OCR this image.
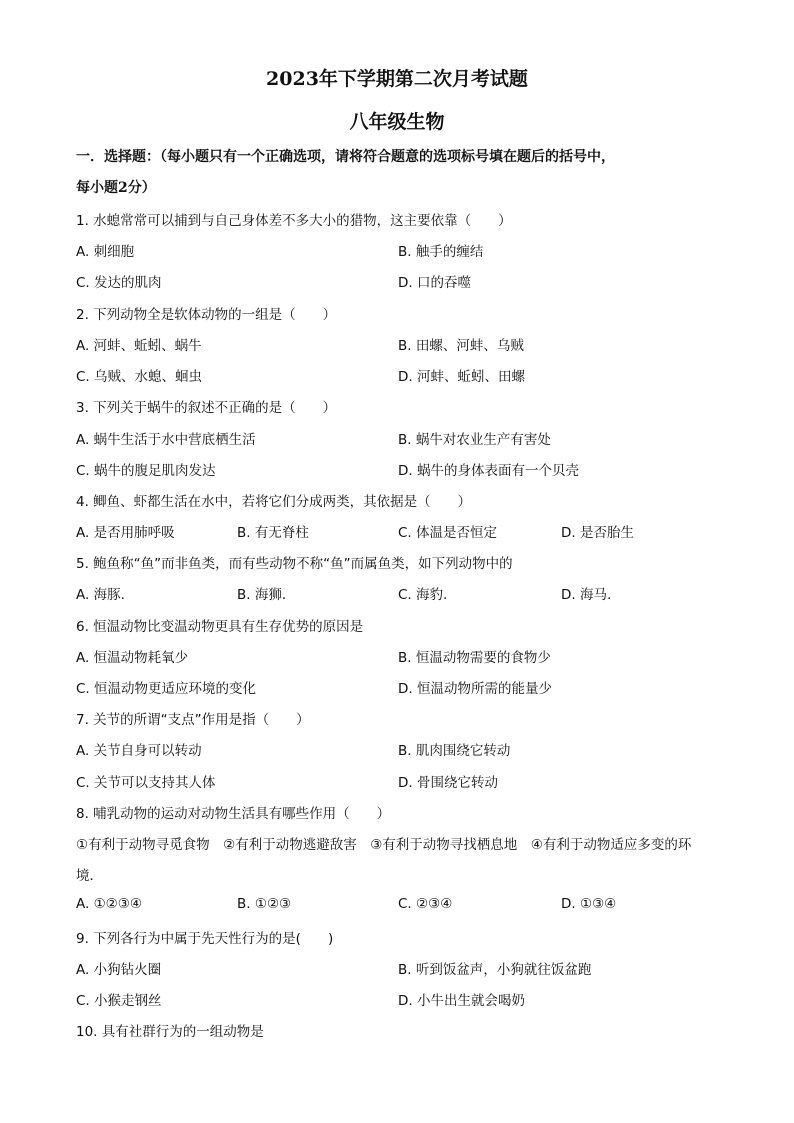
2023年下学期第二次月考试题
八年级生物
一．选择题：（每小题只有一个正确选项，请将符合题意的选项标号填在题后的括号中，
每小题2分）
1. 水螅常常可以捕到与自己身体差不多大小的猎物，这主要依靠（　　）
A. 刺细胞	B. 触手的缠结
C. 发达的肌肉	D. 口的吞噬
2. 下列动物全是软体动物的一组是（　　）
A. 河蚌、蚯蚓、蜗牛	B. 田螺、河蚌、乌贼
C. 乌贼、水螅、蛔虫	D. 河蚌、蚯蚓、田螺
3. 下列关于蜗牛的叙述不正确的是（　　）
A. 蜗牛生活于水中营底栖生活	B. 蜗牛对农业生产有害处
C. 蜗牛的腹足肌肉发达	D. 蜗牛的身体表面有一个贝壳
4. 鲫鱼、虾都生活在水中，若将它们分成两类，其依据是（　　）
A. 是否用肺呼吸	B. 有无脊柱	C. 体温是否恒定	D. 是否胎生
5. 鲍鱼称“鱼”而非鱼类，而有些动物不称“鱼”而属鱼类，如下列动物中的
A. 海豚.	B. 海狮.	C. 海豹.	D. 海马.
6. 恒温动物比变温动物更具有生存优势的原因是
A. 恒温动物耗氧少	B. 恒温动物需要的食物少
C. 恒温动物更适应环境的变化	D. 恒温动物所需的能量少
7. 关节的所谓“支点”作用是指（　　）
A. 关节自身可以转动	B. 肌肉围绕它转动
C. 关节可以支持其人体	D. 骨围绕它转动
8. 哺乳动物的运动对动物生活具有哪些作用（　　）
①有利于动物寻觅食物　②有利于动物逃避敌害　③有利于动物寻找栖息地　④有利于动物适应多变的环
境．
A. ①②③④	B. ①②③	C. ②③④	D. ①③④
9. 下列各行为中属于先天性行为的是(　　)
A. 小狗钻火圈	B. 听到饭盆声，小狗就往饭盆跑
C. 小猴走钢丝	D. 小牛出生就会喝奶
10. 具有社群行为的一组动物是
